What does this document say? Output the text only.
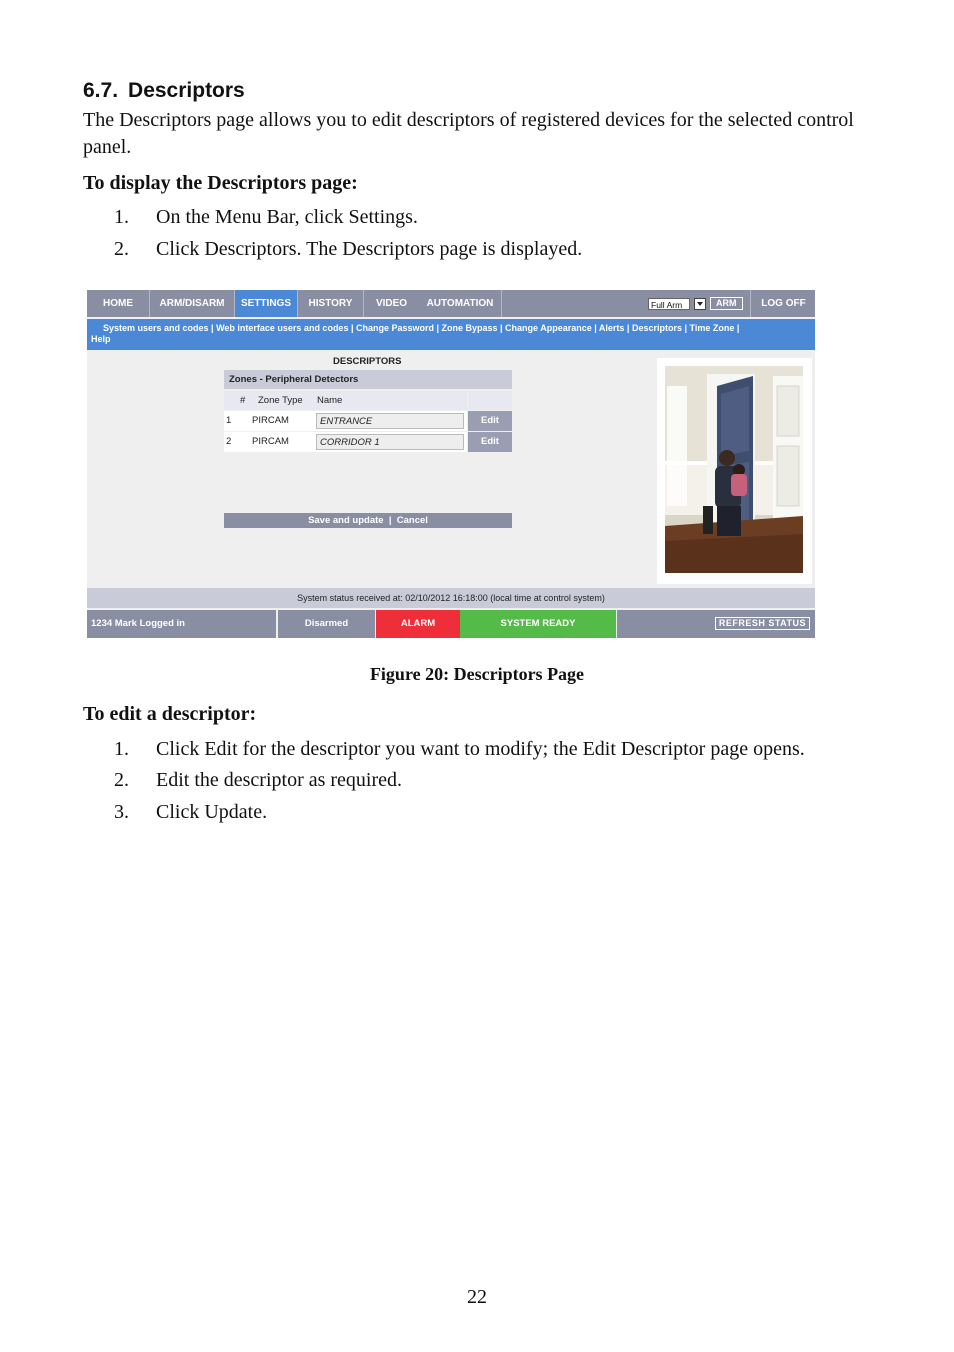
6.7. Descriptors
The Descriptors page allows you to edit descriptors of registered devices for the selected control panel.
To display the Descriptors page:
1. On the Menu Bar, click Settings.
2. Click Descriptors. The Descriptors page is displayed.
HOME	ARM/DISARM	SETTINGS	HISTORY	VIDEO	AUTOMATION	Full Arm	ARM	LOG OFF
System users and codes | Web interface users and codes | Change Password | Zone Bypass | Change Appearance | Alerts | Descriptors | Time Zone |
Help
DESCRIPTORS
Zones - Peripheral Detectors
# Zone Type Name
1 PIRCAM	ENTRANCE	Edit
2 PIRCAM	CORRIDOR 1	Edit
Save and update  |  Cancel
System status received at: 02/10/2012 16:18:00 (local time at control system)
1234 Mark Logged in	Disarmed	ALARM	SYSTEM READY	REFRESH STATUS
Figure 20: Descriptors Page
To edit a descriptor:
1. Click Edit for the descriptor you want to modify; the Edit Descriptor page opens.
2. Edit the descriptor as required.
3. Click Update.
22
